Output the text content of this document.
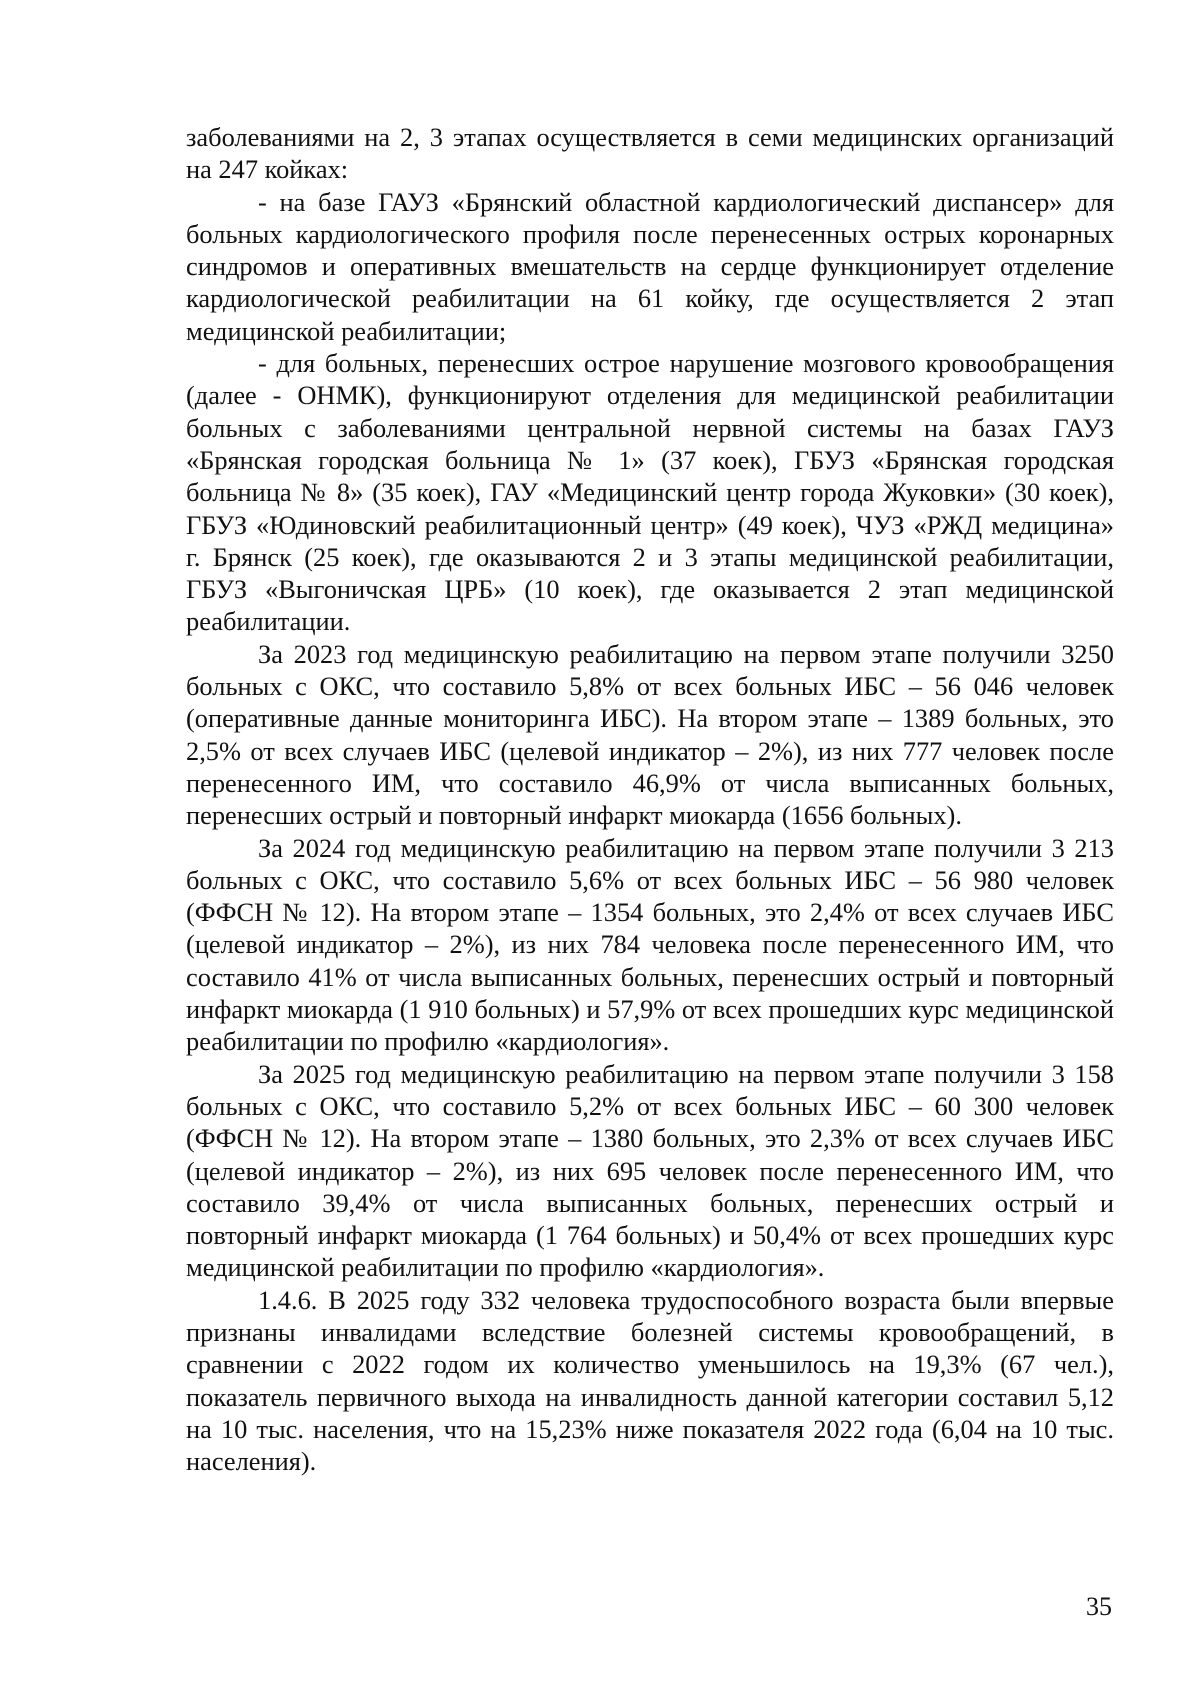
заболеваниями на 2, 3 этапах осуществляется в семи медицинских организаций на 247 койках:

- на базе ГАУЗ «Брянский областной кардиологический диспансер» для больных кардиологического профиля после перенесенных острых коронарных синдромов и оперативных вмешательств на сердце функционирует отделение кардиологической реабилитации на 61 койку, где осуществляется 2 этап медицинской реабилитации;

- для больных, перенесших острое нарушение мозгового кровообращения (далее - ОНМК), функционируют отделения для медицинской реабилитации больных с заболеваниями центральной нервной системы на базах ГАУЗ «Брянская городская больница № 1» (37 коек), ГБУЗ «Брянская городская больница № 8» (35 коек), ГАУ «Медицинский центр города Жуковки» (30 коек), ГБУЗ «Юдиновский реабилитационный центр» (49 коек), ЧУЗ «РЖД медицина» г. Брянск (25 коек), где оказываются 2 и 3 этапы медицинской реабилитации, ГБУЗ «Выгоничская ЦРБ» (10 коек), где оказывается 2 этап медицинской реабилитации.

За 2023 год медицинскую реабилитацию на первом этапе получили 3250 больных с ОКС, что составило 5,8% от всех больных ИБС – 56 046 человек (оперативные данные мониторинга ИБС). На втором этапе – 1389 больных, это 2,5% от всех случаев ИБС (целевой индикатор – 2%), из них 777 человек после перенесенного ИМ, что составило 46,9% от числа выписанных больных, перенесших острый и повторный инфаркт миокарда (1656 больных).

За 2024 год медицинскую реабилитацию на первом этапе получили 3 213 больных с ОКС, что составило 5,6% от всех больных ИБС – 56 980 человек (ФФСН № 12). На втором этапе – 1354 больных, это 2,4% от всех случаев ИБС (целевой индикатор – 2%), из них 784 человека после перенесенного ИМ, что составило 41% от числа выписанных больных, перенесших острый и повторный инфаркт миокарда (1 910 больных) и 57,9% от всех прошедших курс медицинской реабилитации по профилю «кардиология».

За 2025 год медицинскую реабилитацию на первом этапе получили 3 158 больных с ОКС, что составило 5,2% от всех больных ИБС – 60 300 человек (ФФСН № 12). На втором этапе – 1380 больных, это 2,3% от всех случаев ИБС (целевой индикатор – 2%), из них 695 человек после перенесенного ИМ, что составило 39,4% от числа выписанных больных, перенесших острый и повторный инфаркт миокарда (1 764 больных) и 50,4% от всех прошедших курс медицинской реабилитации по профилю «кардиология».

1.4.6. В 2025 году 332 человека трудоспособного возраста были впервые признаны инвалидами вследствие болезней системы кровообращений, в сравнении с 2022 годом их количество уменьшилось на 19,3% (67 чел.), показатель первичного выхода на инвалидность данной категории составил 5,12 на 10 тыс. населения, что на 15,23% ниже показателя 2022 года (6,04 на 10 тыс. населения).

35
